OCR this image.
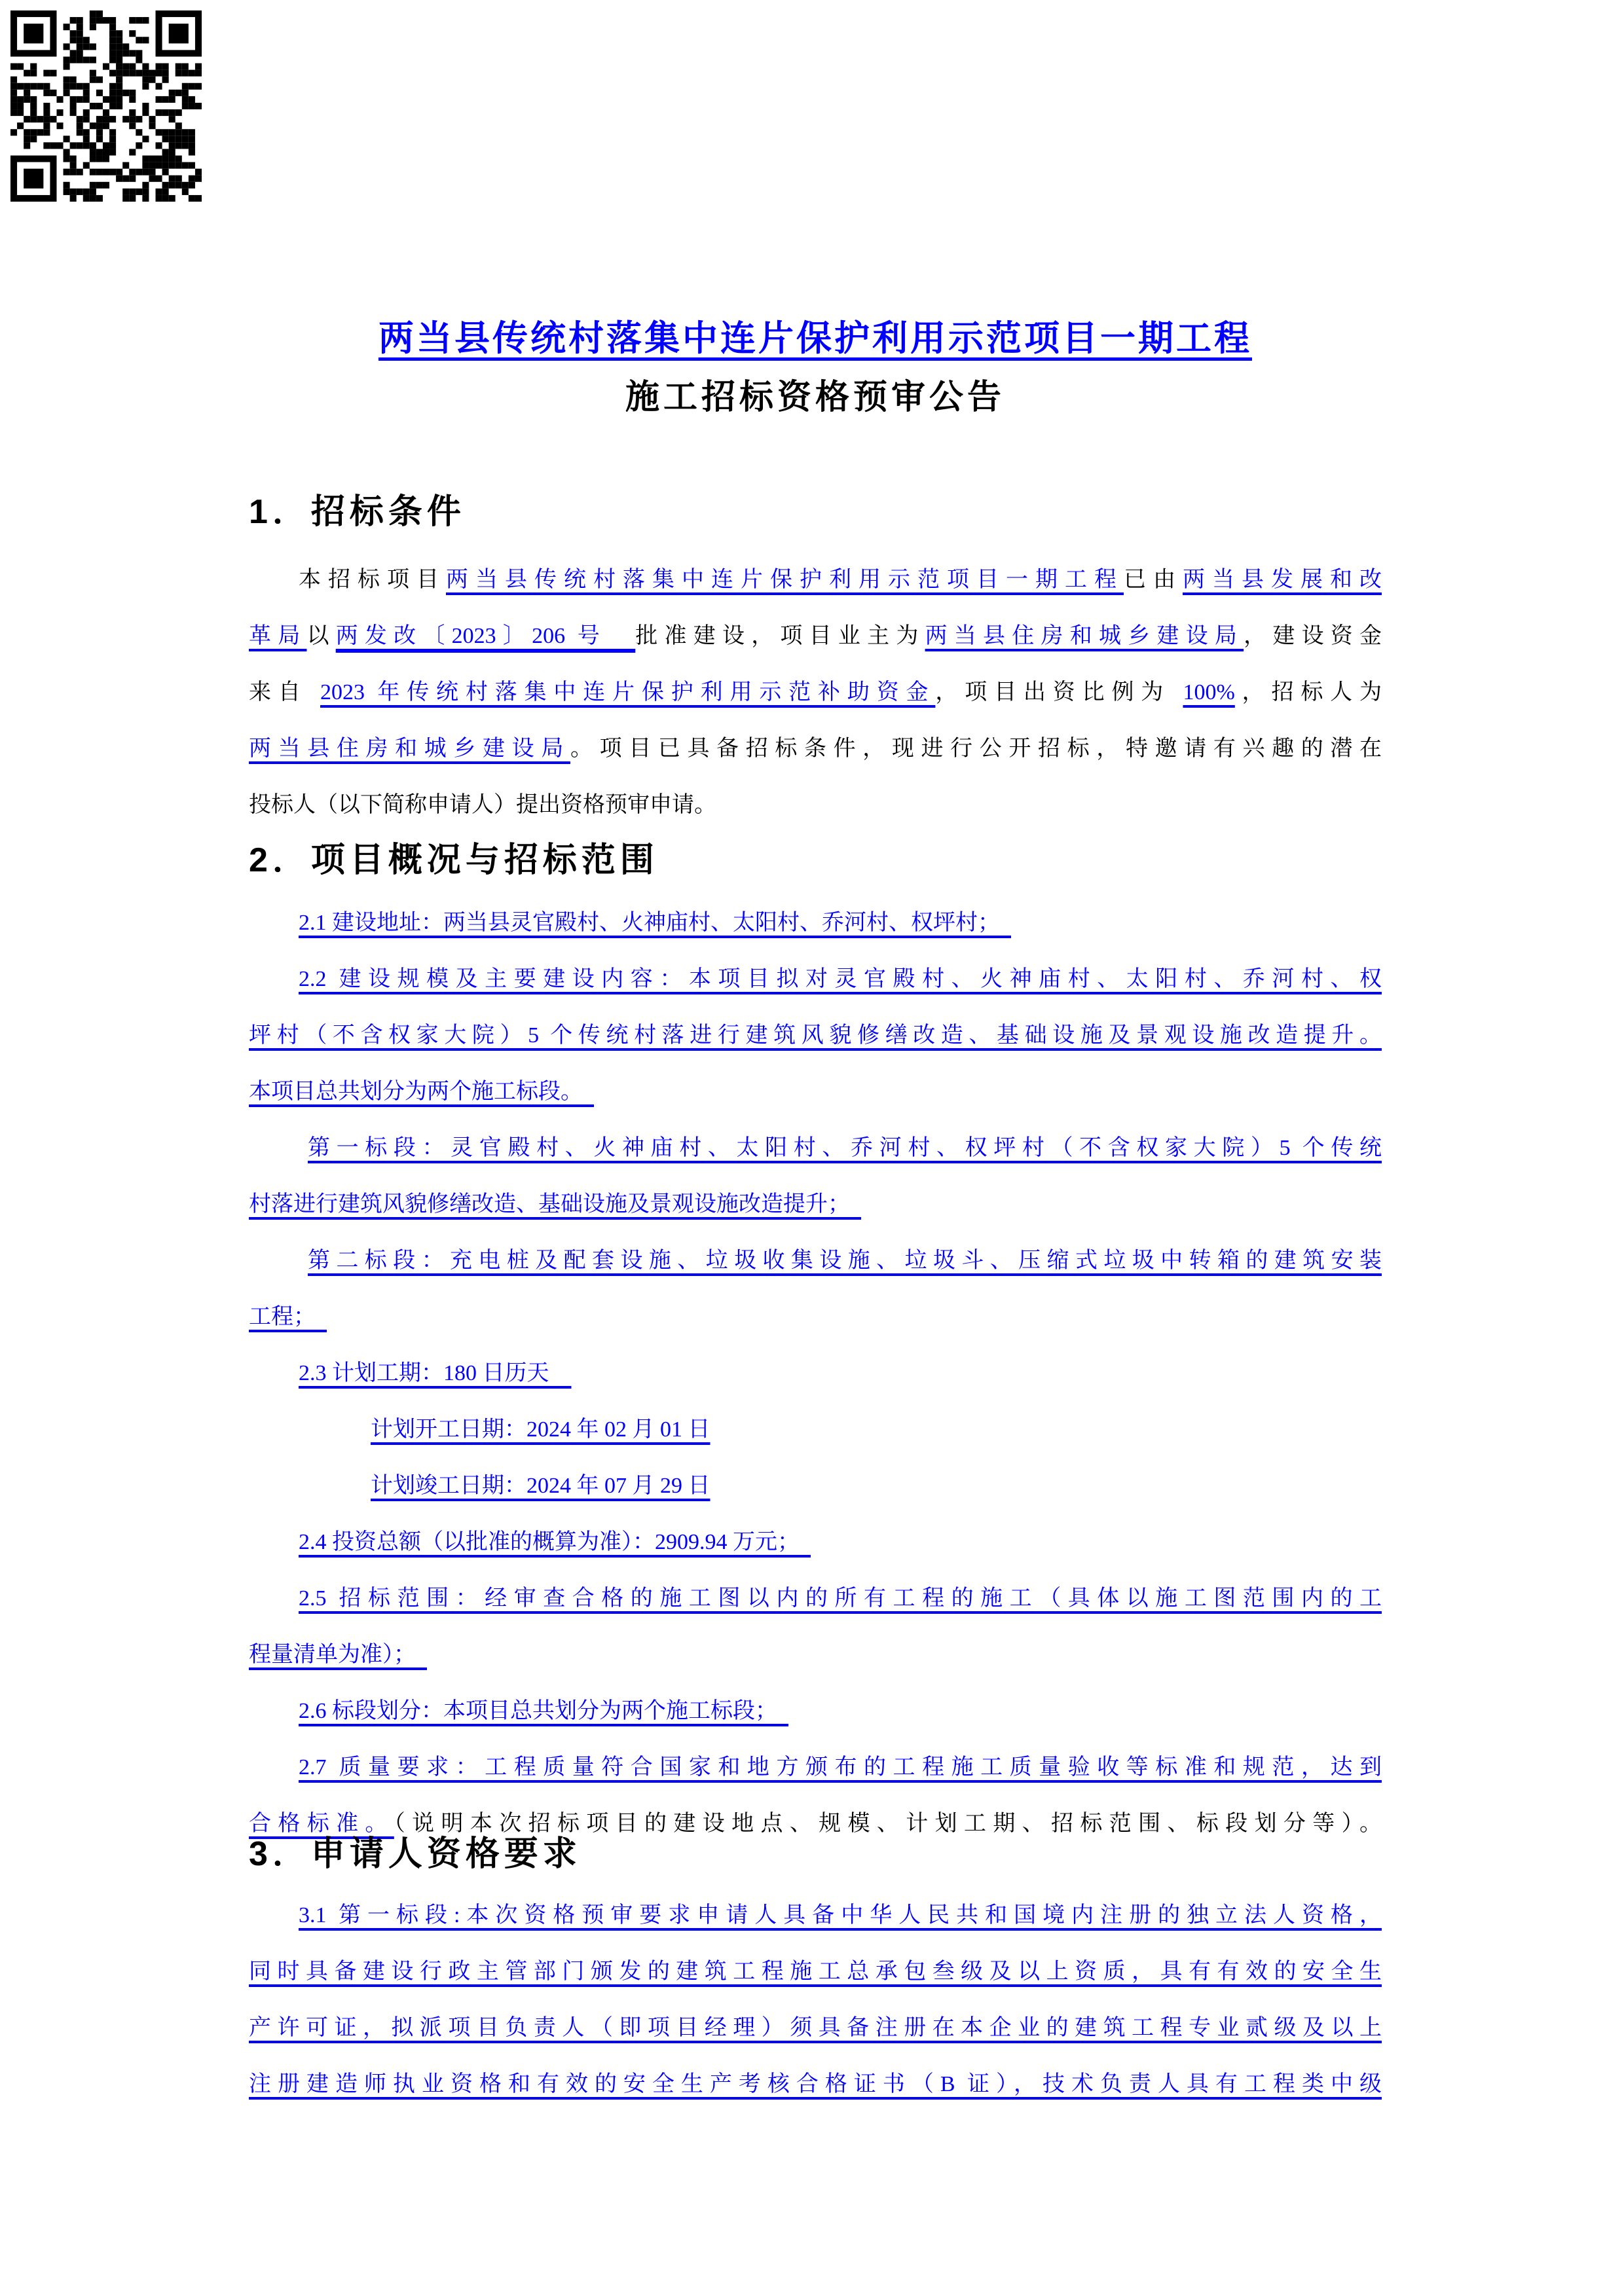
两当县传统村落集中连片保护利用示范项目一期工程
施工招标资格预审公告
1．招标条件
本招标项目两当县传统村落集中连片保护利用示范项目一期工程已由两当县发展和改
革局以两发改〔2023〕206 号　批准建设，项目业主为两当县住房和城乡建设局，建设资金
来自 2023 年传统村落集中连片保护利用示范补助资金，项目出资比例为 100%，招标人为
两当县住房和城乡建设局。项目已具备招标条件，现进行公开招标，特邀请有兴趣的潜在
投标人（以下简称申请人）提出资格预审申请。
2．项目概况与招标范围
2.1 建设地址：两当县灵官殿村、火神庙村、太阳村、乔河村、权坪村；　
2.2 建设规模及主要建设内容：本项目拟对灵官殿村、火神庙村、太阳村、乔河村、权
坪村（不含权家大院）5 个传统村落进行建筑风貌修缮改造、基础设施及景观设施改造提升。
本项目总共划分为两个施工标段。　
第一标段：灵官殿村、火神庙村、太阳村、乔河村、权坪村（不含权家大院）5 个传统
村落进行建筑风貌修缮改造、基础设施及景观设施改造提升；　
第二标段：充电桩及配套设施、垃圾收集设施、垃圾斗、压缩式垃圾中转箱的建筑安装
工程；　
2.3 计划工期：180 日历天　
计划开工日期：2024 年 02 月 01 日
计划竣工日期：2024 年 07 月 29 日
2.4 投资总额（以批准的概算为准）：2909.94 万元；　
2.5 招标范围：经审查合格的施工图以内的所有工程的施工（具体以施工图范围内的工
程量清单为准）；　
2.6 标段划分：本项目总共划分为两个施工标段；　
2.7 质量要求：工程质量符合国家和地方颁布的工程施工质量验收等标准和规范，达到
合格标准。（说明本次招标项目的建设地点、规模、计划工期、招标范围、标段划分等）。
3．申请人资格要求
3.1 第一标段:本次资格预审要求申请人具备中华人民共和国境内注册的独立法人资格，
同时具备建设行政主管部门颁发的建筑工程施工总承包叁级及以上资质，具有有效的安全生
产许可证，拟派项目负责人（即项目经理）须具备注册在本企业的建筑工程专业贰级及以上
注册建造师执业资格和有效的安全生产考核合格证书（B 证），技术负责人具有工程类中级
